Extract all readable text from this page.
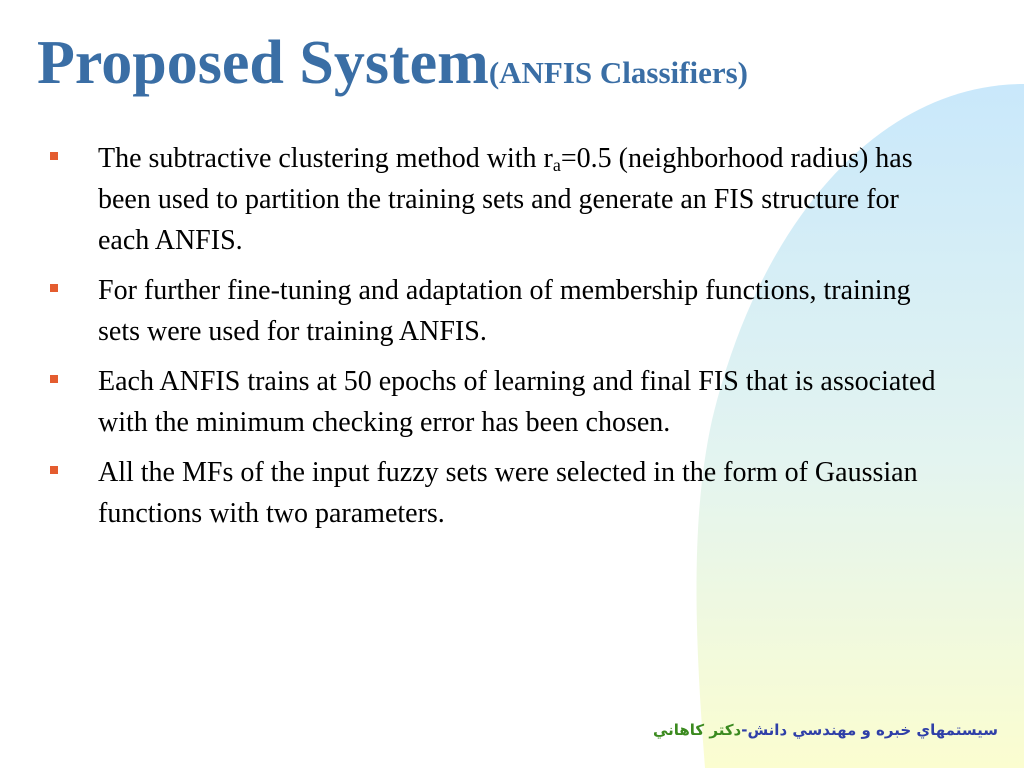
Proposed System(ANFIS Classifiers)
The subtractive clustering method with $r_a=0.5$ (neighborhood radius) has been used to partition the training sets and generate an FIS structure for each ANFIS.
For further fine-tuning and adaptation of membership functions, training sets were used for training ANFIS.
Each ANFIS trains at 50 epochs of learning and final FIS that is associated with the minimum checking error has been chosen.
All the MFs of the input fuzzy sets were selected in the form of Gaussian functions with two parameters.
سيستمهاي خبره و مهندسي دانش-دكتر كاهاني
